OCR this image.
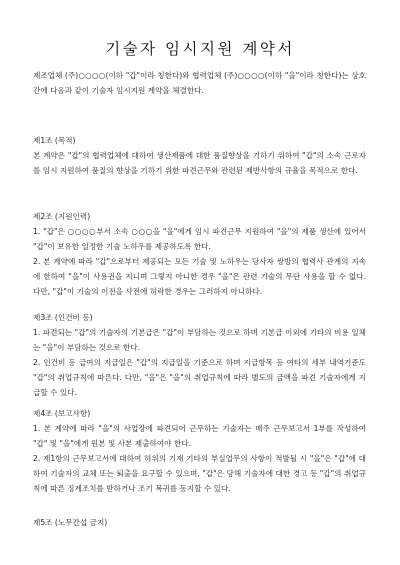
기술자 임시지원 계약서
제조업체 (주)○○○○(이하 "갑"이라 칭한다)와 협력업체 (주)○○○○(이하 "을"이라 칭한다)는 상호간에 다음과 같이 기술자 임시지원 계약을 체결한다.
제1조 (목적)

본 계약은 "갑"의 협력업체에 대하여 생산제품에 대한 품질향상을 기하기 위하여 "갑"의 소속 근로자를 임시 지원하여 품질의 향상을 기하기 위한 파견근무와 관련된 제반사항의 규율을 목적으로 한다.

제2조 (지원인력)

1. "갑"은 ○○○○부서 소속 ○○○을 "을"에게 임시 파견근무 지원하여 "을"의 제품 생산에 있어서 "갑"이 보유한 일정한 기술 노하우를 제공하도록 한다.

2. 본 계약에 따라 "갑"으로부터 제공되는 모든 기술 및 노하우는 당사자 쌍방의 협력사 관계의 지속에 한하여 "을"이 사용권을 지니며 그렇지 아니한 경우 "을"은 관련 기술의 무단 사용을 할 수 없다. 다만, "갑"이 기술의 이전을 사전에 허락한 경우는 그러하지 아니하다.

제3조 (인건비 등)

1. 파견되는 "갑"의 기술자의 기본급은 "갑"이 부담하는 것으로 하며 기본급 이외에 기타의 비용 일체는 "을"이 부담하는 것으로 한다.

2. 인건비 등 급여의 지급일은 "갑"의 지급일을 기준으로 하며 지급항목 등 여타의 세부 내역기준도 "갑"의 취업규칙에 따른다. 다만, "을"은 "을"의 취업규칙에 따라 별도의 금액을 파견 기술자에게 지급할 수 있다.

제4조 (보고사항)

1. 본 계약에 따라 "을"의 사업장에 파견되어 근무하는 기술자는 매주 근무보고서 1부를 작성하여 "갑" 및 "을"에게 원본 및 사본 제출하여야 한다.

2. 제1항의 근무보고서에 대하여 허위의 기재 기타의 부실업무의 사항이 적발될 시 "을"은 "갑"에 대하여 기술자의 교체 또는 퇴출을 요구할 수 있으며, "갑"은 당해 기술자에 대한 경고 등 "갑"의 취업규칙에 따른 징계조치를 받하거나 조기 복귀를 동지할 수 있다.

제5조 (노무간섭 금지)
